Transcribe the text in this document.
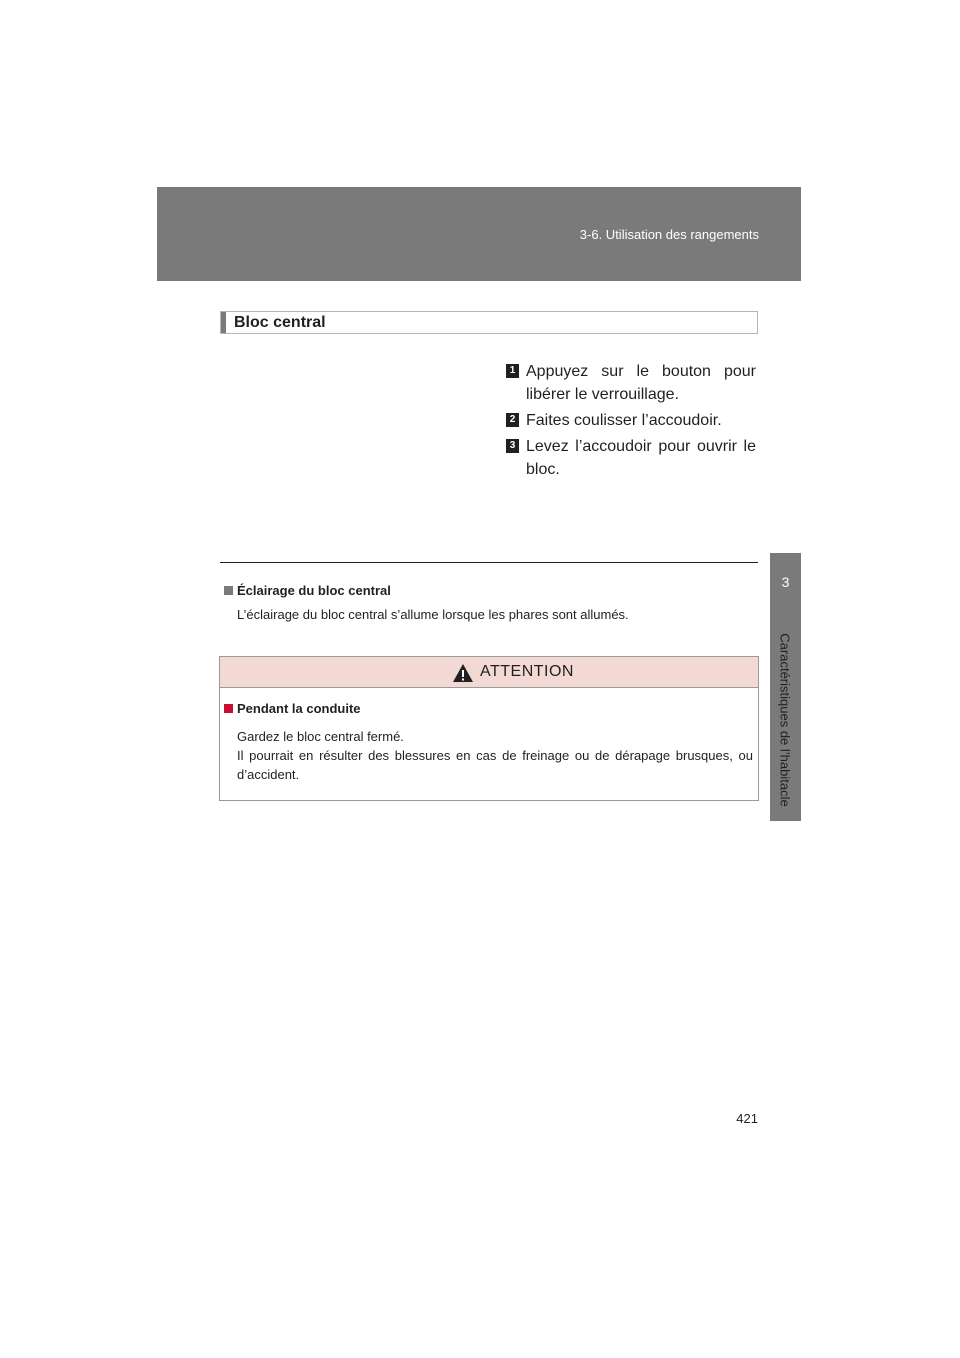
3-6. Utilisation des rangements
3
Caractéristiques de l’habitacle
Bloc central
1 Appuyez sur le bouton pour libérer le verrouillage.
2 Faites coulisser l’accoudoir.
3 Levez l’accoudoir pour ouvrir le bloc.
Éclairage du bloc central
L’éclairage du bloc central s’allume lorsque les phares sont allumés.
ATTENTION
Pendant la conduite
Gardez le bloc central fermé.
Il pourrait en résulter des blessures en cas de freinage ou de dérapage brusques, ou d’accident.
421
